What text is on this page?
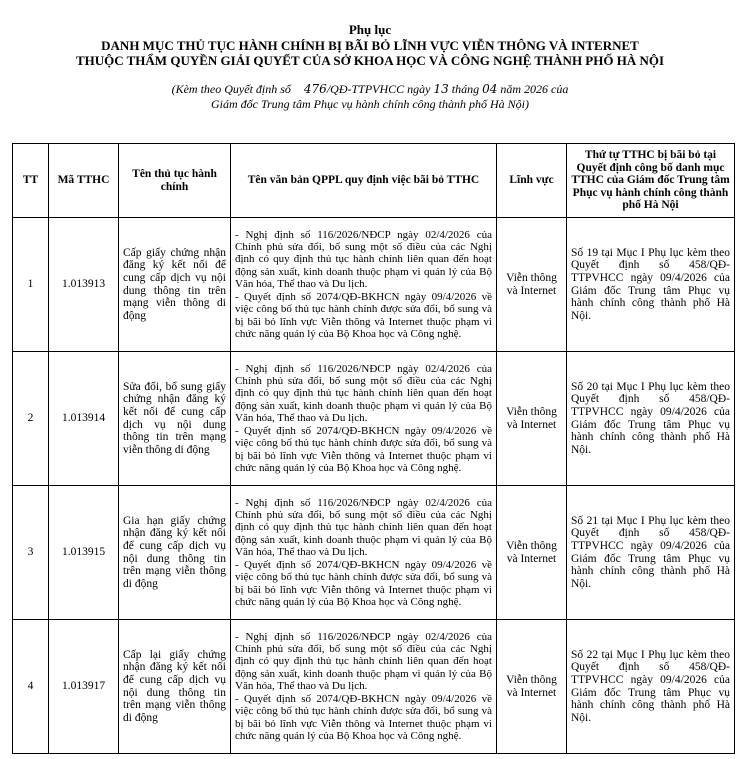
Phụ lục
DANH MỤC THỦ TỤC HÀNH CHÍNH BỊ BÃI BỎ LĨNH VỰC VIỄN THÔNG VÀ INTERNET
THUỘC THẨM QUYỀN GIẢI QUYẾT CỦA SỞ KHOA HỌC VÀ CÔNG NGHỆ THÀNH PHỐ HÀ NỘI
(Kèm theo Quyết định số 476/QĐ-TTPVHCC ngày 13 tháng 04 năm 2026 của
Giám đốc Trung tâm Phục vụ hành chính công thành phố Hà Nội)
TT	Mã TTHC	Tên thủ tục hành chính	Tên văn bản QPPL quy định việc bãi bỏ TTHC	Lĩnh vực	Thứ tự TTHC bị bãi bỏ tại Quyết định công bố danh mục TTHC của Giám đốc Trung tâm Phục vụ hành chính công thành phố Hà Nội
1	1.013913	Cấp giấy chứng nhận đăng ký kết nối để cung cấp dịch vụ nội dung thông tin trên mạng viễn thông di động	- Nghị định số 116/2026/NĐCP ngày 02/4/2026 của Chính phủ sửa đổi, bổ sung một số điều của các Nghị định có quy định thủ tục hành chính liên quan đến hoạt động sản xuất, kinh doanh thuộc phạm vi quản lý của Bộ Văn hóa, Thể thao và Du lịch.
- Quyết định số 2074/QĐ-BKHCN ngày 09/4/2026 về việc công bố thủ tục hành chính được sửa đổi, bổ sung và bị bãi bỏ lĩnh vực Viễn thông và Internet thuộc phạm vi chức năng quản lý của Bộ Khoa học và Công nghệ.	Viễn thông và Internet	Số 19 tại Mục I Phụ lục kèm theo Quyết định số 458/QĐ-TTPVHCC ngày 09/4/2026 của Giám đốc Trung tâm Phục vụ hành chính công thành phố Hà Nội.
2	1.013914	Sửa đổi, bổ sung giấy chứng nhận đăng ký kết nối để cung cấp dịch vụ nội dung thông tin trên mạng viễn thông di động	- Nghị định số 116/2026/NĐCP ngày 02/4/2026 của Chính phủ sửa đổi, bổ sung một số điều của các Nghị định có quy định thủ tục hành chính liên quan đến hoạt động sản xuất, kinh doanh thuộc phạm vi quản lý của Bộ Văn hóa, Thể thao và Du lịch.
- Quyết định số 2074/QĐ-BKHCN ngày 09/4/2026 về việc công bố thủ tục hành chính được sửa đổi, bổ sung và bị bãi bỏ lĩnh vực Viễn thông và Internet thuộc phạm vi chức năng quản lý của Bộ Khoa học và Công nghệ.	Viễn thông và Internet	Số 20 tại Mục I Phụ lục kèm theo Quyết định số 458/QĐ-TTPVHCC ngày 09/4/2026 của Giám đốc Trung tâm Phục vụ hành chính công thành phố Hà Nội.
3	1.013915	Gia hạn giấy chứng nhận đăng ký kết nối để cung cấp dịch vụ nội dung thông tin trên mạng viễn thông di động	- Nghị định số 116/2026/NĐCP ngày 02/4/2026 của Chính phủ sửa đổi, bổ sung một số điều của các Nghị định có quy định thủ tục hành chính liên quan đến hoạt động sản xuất, kinh doanh thuộc phạm vi quản lý của Bộ Văn hóa, Thể thao và Du lịch.
- Quyết định số 2074/QĐ-BKHCN ngày 09/4/2026 về việc công bố thủ tục hành chính được sửa đổi, bổ sung và bị bãi bỏ lĩnh vực Viễn thông và Internet thuộc phạm vi chức năng quản lý của Bộ Khoa học và Công nghệ.	Viễn thông và Internet	Số 21 tại Mục I Phụ lục kèm theo Quyết định số 458/QĐ-TTPVHCC ngày 09/4/2026 của Giám đốc Trung tâm Phục vụ hành chính công thành phố Hà Nội.
4	1.013917	Cấp lại giấy chứng nhận đăng ký kết nối để cung cấp dịch vụ nội dung thông tin trên mạng viễn thông di động	- Nghị định số 116/2026/NĐCP ngày 02/4/2026 của Chính phủ sửa đổi, bổ sung một số điều của các Nghị định có quy định thủ tục hành chính liên quan đến hoạt động sản xuất, kinh doanh thuộc phạm vi quản lý của Bộ Văn hóa, Thể thao và Du lịch.
- Quyết định số 2074/QĐ-BKHCN ngày 09/4/2026 về việc công bố thủ tục hành chính được sửa đổi, bổ sung và bị bãi bỏ lĩnh vực Viễn thông và Internet thuộc phạm vi chức năng quản lý của Bộ Khoa học và Công nghệ.	Viễn thông và Internet	Số 22 tại Mục I Phụ lục kèm theo Quyết định số 458/QĐ-TTPVHCC ngày 09/4/2026 của Giám đốc Trung tâm Phục vụ hành chính công thành phố Hà Nội.
